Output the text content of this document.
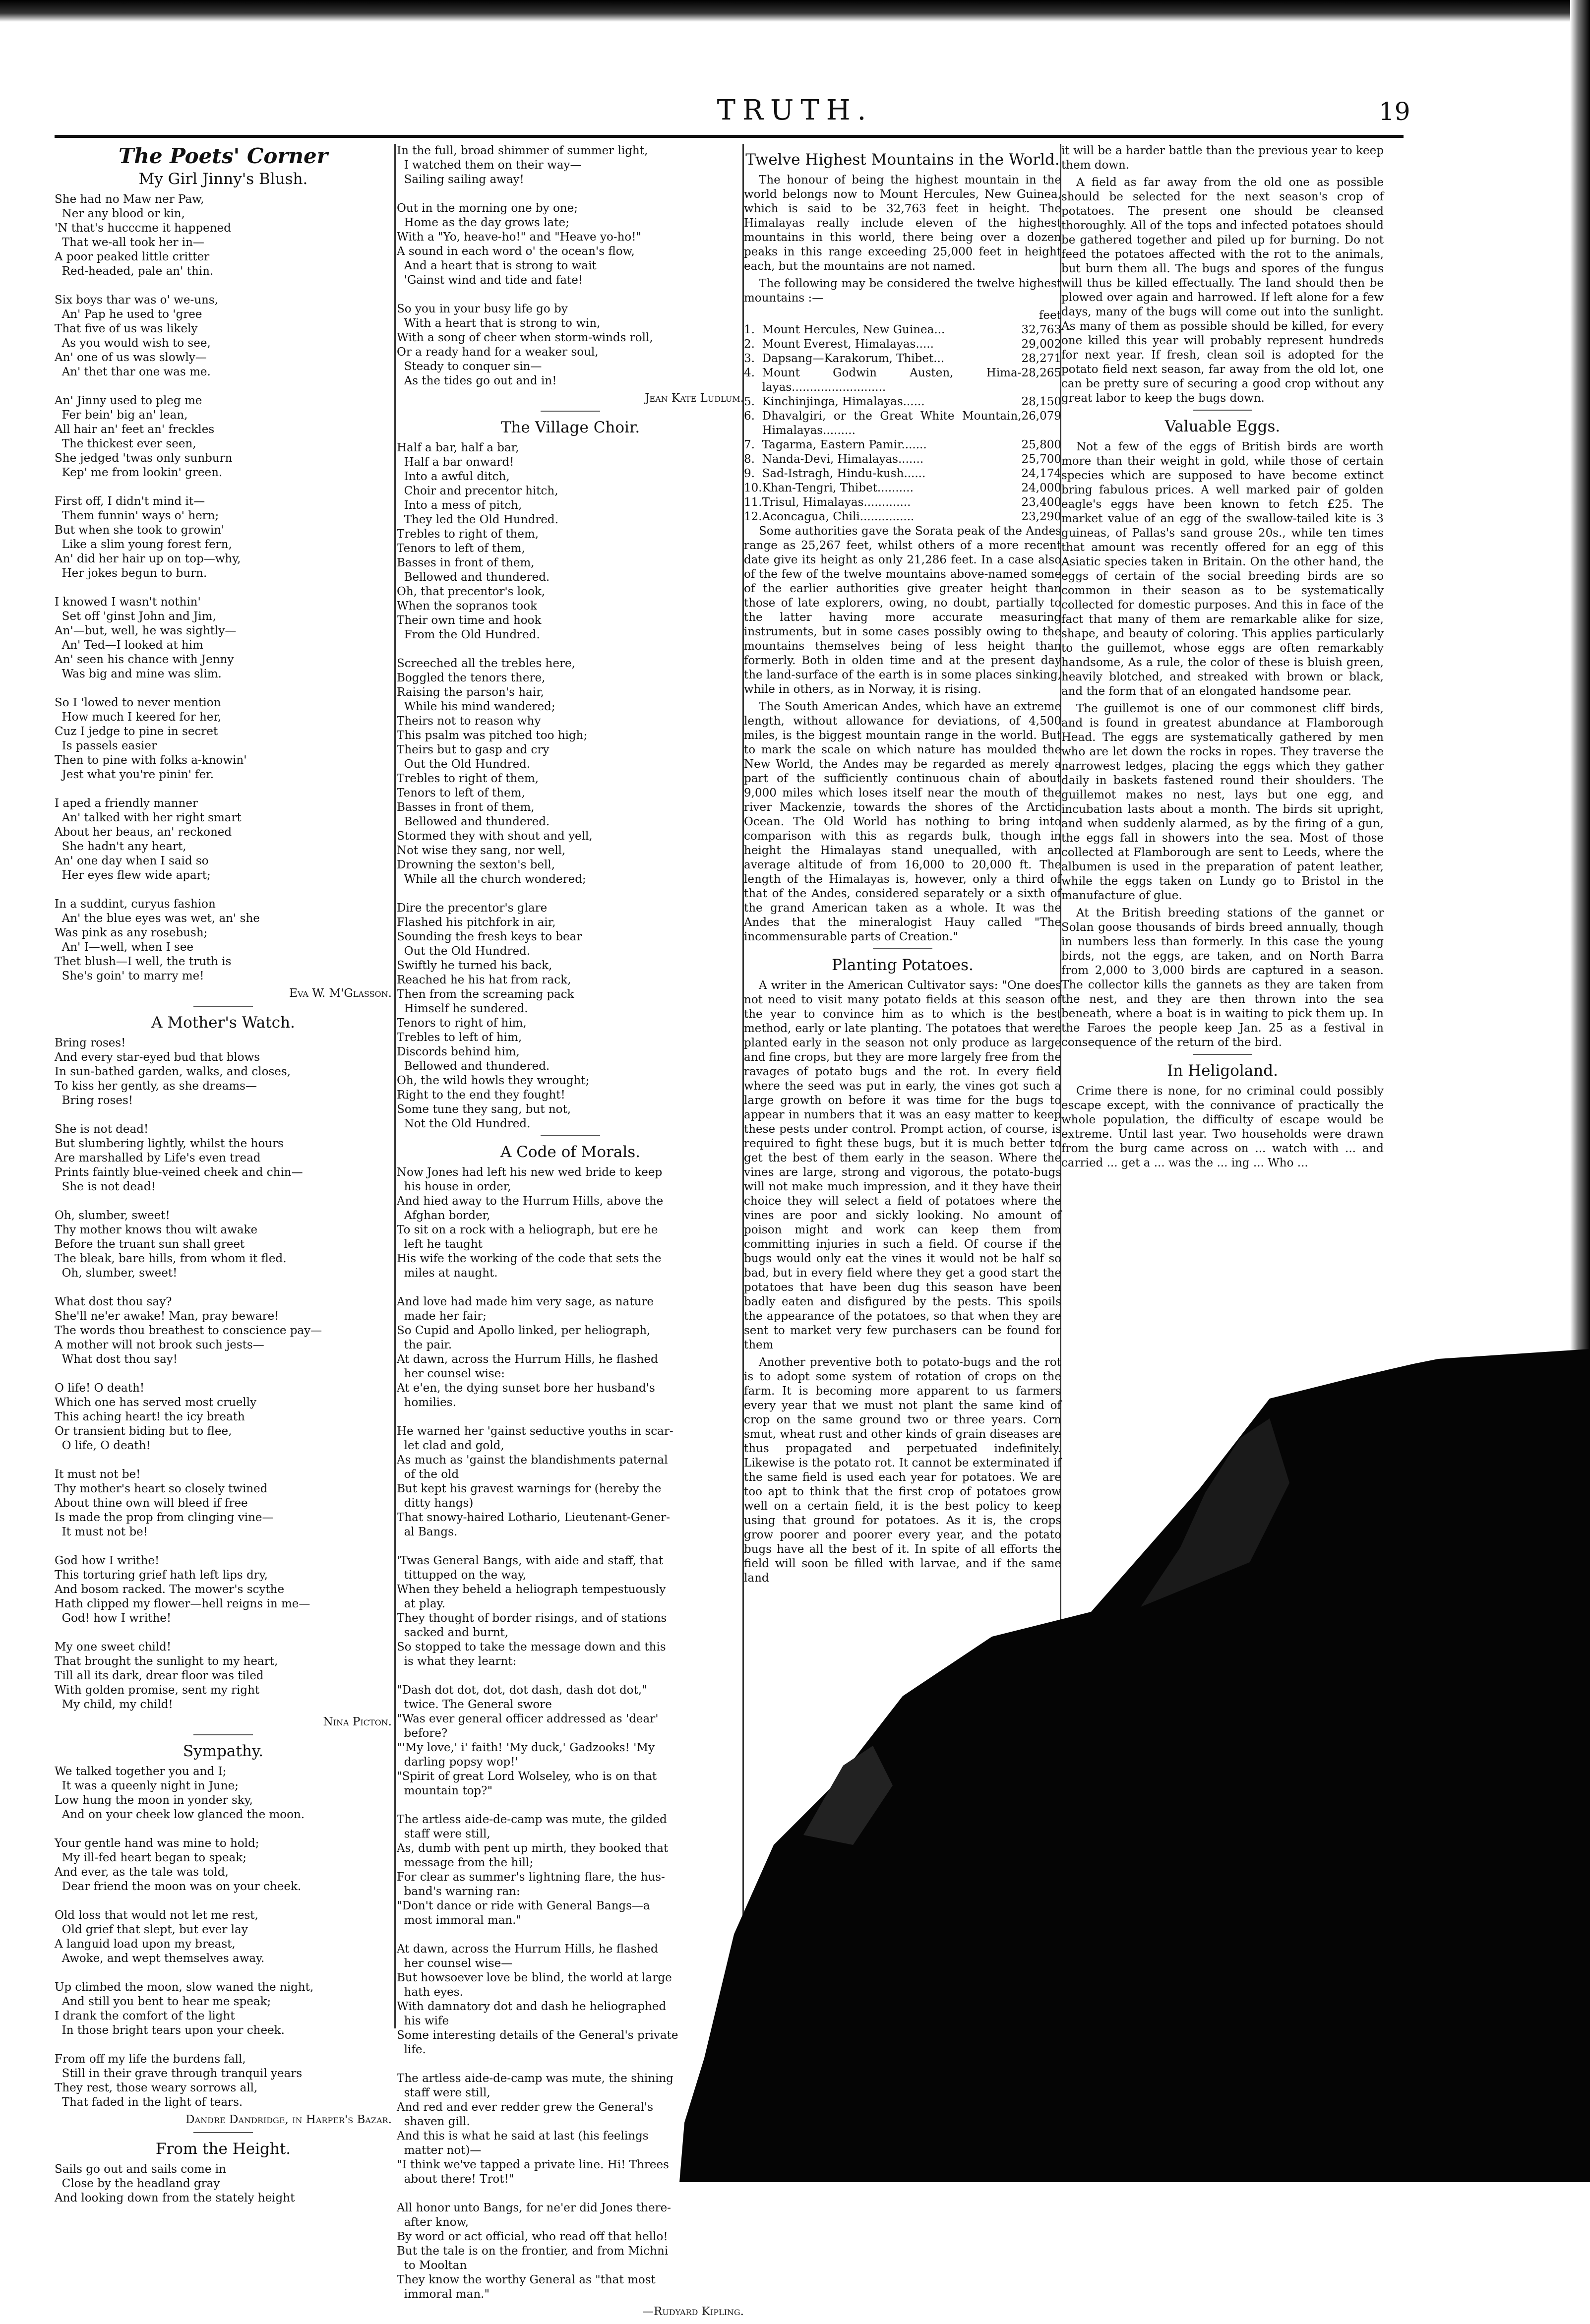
TRUTH.	19
The Poets' Corner
My Girl Jinny's Blush.
She had no Maw ner Paw,
Ner any blood or kin,
'N that's hucccme it happened
That we-all took her in—
A poor peaked little critter
Red-headed, pale an' thin.

Six boys thar was o' we-uns,
An' Pap he used to 'gree
That five of us was likely
As you would wish to see,
An' one of us was slowly—
An' thet thar one was me.

An' Jinny used to pleg me
Fer bein' big an' lean,
All hair an' feet an' freckles
The thickest ever seen,
She jedged 'twas only sunburn
Kep' me from lookin' green.

First off, I didn't mind it—
Them funnin' ways o' hern;
But when she took to growin'
Like a slim young forest fern,
An' did her hair up on top—why,
Her jokes begun to burn.

I knowed I wasn't nothin'
Set off 'ginst John and Jim,
An'—but, well, he was sightly—
An' Ted—I looked at him
An' seen his chance with Jenny
Was big and mine was slim.

So I 'lowed to never mention
How much I keered for her,
Cuz I jedge to pine in secret
Is passels easier
Then to pine with folks a-knowin'
Jest what you're pinin' fer.

I aped a friendly manner
An' talked with her right smart
About her beaus, an' reckoned
She hadn't any heart,
An' one day when I said so
Her eyes flew wide apart;

In a suddint, curyus fashion
An' the blue eyes was wet, an' she
Was pink as any rosebush;
An' I—well, when I see
Thet blush—I well, the truth is
She's goin' to marry me!
Eva W. M'Glasson.
A Mother's Watch.
Bring roses!
And every star-eyed bud that blows
In sun-bathed garden, walks, and closes,
To kiss her gently, as she dreams—
Bring roses!

She is not dead!
But slumbering lightly, whilst the hours
Are marshalled by Life's even tread
Prints faintly blue-veined cheek and chin—
She is not dead!

Oh, slumber, sweet!
Thy mother knows thou wilt awake
Before the truant sun shall greet
The bleak, bare hills, from whom it fled.
Oh, slumber, sweet!

What dost thou say?
She'll ne'er awake! Man, pray beware!
The words thou breathest to conscience pay—
A mother will not brook such jests—
What dost thou say!

O life! O death!
Which one has served most cruelly
This aching heart! the icy breath
Or transient biding but to flee,
O life, O death!

It must not be!
Thy mother's heart so closely twined
About thine own will bleed if free
Is made the prop from clinging vine—
It must not be!

God how I writhe!
This torturing grief hath left lips dry,
And bosom racked. The mower's scythe
Hath clipped my flower—hell reigns in me—
God! how I writhe!

My one sweet child!
That brought the sunlight to my heart,
Till all its dark, drear floor was tiled
With golden promise, sent my right
My child, my child!
Nina Picton.
Sympathy.
We talked together you and I;
It was a queenly night in June;
Low hung the moon in yonder sky,
And on your cheek low glanced the moon.

Your gentle hand was mine to hold;
My ill-fed heart began to speak;
And ever, as the tale was told,
Dear friend the moon was on your cheek.

Old loss that would not let me rest,
Old grief that slept, but ever lay
A languid load upon my breast,
Awoke, and wept themselves away.

Up climbed the moon, slow waned the night,
And still you bent to hear me speak;
I drank the comfort of the light
In those bright tears upon your cheek.

From off my life the burdens fall,
Still in their grave through tranquil years
They rest, those weary sorrows all,
That faded in the light of tears.
Dandre Dandridge, in Harper's Bazar.
From the Height.
Sails go out and sails come in
Close by the headland gray
And looking down from the stately height
In the full, broad shimmer of summer light,
I watched them on their way—
Sailing sailing away!

Out in the morning one by one;
Home as the day grows late;
With a "Yo, heave-ho!" and "Heave yo-ho!"
A sound in each word o' the ocean's flow,
And a heart that is strong to wait
'Gainst wind and tide and fate!

So you in your busy life go by
With a heart that is strong to win,
With a song of cheer when storm-winds roll,
Or a ready hand for a weaker soul,
Steady to conquer sin—
As the tides go out and in!
Jean Kate Ludlum.
The Village Choir.
Half a bar, half a bar,
Half a bar onward!
Into a awful ditch,
Choir and precentor hitch,
Into a mess of pitch,
They led the Old Hundred.
Trebles to right of them,
Tenors to left of them,
Basses in front of them,
Bellowed and thundered.
Oh, that precentor's look,
When the sopranos took
Their own time and hook
From the Old Hundred.

Screeched all the trebles here,
Boggled the tenors there,
Raising the parson's hair,
While his mind wandered;
Theirs not to reason why
This psalm was pitched too high;
Theirs but to gasp and cry
Out the Old Hundred.
Trebles to right of them,
Tenors to left of them,
Basses in front of them,
Bellowed and thundered.
Stormed they with shout and yell,
Not wise they sang, nor well,
Drowning the sexton's bell,
While all the church wondered;

Dire the precentor's glare
Flashed his pitchfork in air,
Sounding the fresh keys to bear
Out the Old Hundred.
Swiftly he turned his back,
Reached he his hat from rack,
Then from the screaming pack
Himself he sundered.
Tenors to right of him,
Trebles to left of him,
Discords behind him,
Bellowed and thundered.
Oh, the wild howls they wrought;
Right to the end they fought!
Some tune they sang, but not,
Not the Old Hundred.
A Code of Morals.
Now Jones had left his new wed bride to keep
his house in order,
And hied away to the Hurrum Hills, above the
Afghan border,
To sit on a rock with a heliograph, but ere he
left he taught
His wife the working of the code that sets the
miles at naught.

And love had made him very sage, as nature
made her fair;
So Cupid and Apollo linked, per heliograph,
the pair.
At dawn, across the Hurrum Hills, he flashed
her counsel wise:
At e'en, the dying sunset bore her husband's
homilies.

He warned her 'gainst seductive youths in scar-
let clad and gold,
As much as 'gainst the blandishments paternal
of the old
But kept his gravest warnings for (hereby the
ditty hangs)
That snowy-haired Lothario, Lieutenant-Gener-
al Bangs.

'Twas General Bangs, with aide and staff, that
tittupped on the way,
When they beheld a heliograph tempestuously
at play.
They thought of border risings, and of stations
sacked and burnt,
So stopped to take the message down and this
is what they learnt:

"Dash dot dot, dot, dot dash, dash dot dot,"
twice. The General swore
"Was ever general officer addressed as 'dear'
before?
"'My love,' i' faith! 'My duck,' Gadzooks! 'My
darling popsy wop!'
"Spirit of great Lord Wolseley, who is on that
mountain top?"

The artless aide-de-camp was mute, the gilded
staff were still,
As, dumb with pent up mirth, they booked that
message from the hill;
For clear as summer's lightning flare, the hus-
band's warning ran:
"Don't dance or ride with General Bangs—a
most immoral man."

At dawn, across the Hurrum Hills, he flashed
her counsel wise—
But howsoever love be blind, the world at large
hath eyes.
With damnatory dot and dash he heliographed
his wife
Some interesting details of the General's private
life.

The artless aide-de-camp was mute, the shining
staff were still,
And red and ever redder grew the General's
shaven gill.
And this is what he said at last (his feelings
matter not)—
"I think we've tapped a private line. Hi! Threes
about there! Trot!"

All honor unto Bangs, for ne'er did Jones there-
after know,
By word or act official, who read off that hello!
But the tale is on the frontier, and from Michni
to Mooltan
They know the worthy General as "that most
immoral man."
—Rudyard Kipling.
Twelve Highest Mountains in the World.

The honour of being the highest mountain in the world belongs now to Mount Hercules, New Guinea, which is said to be 32,763 feet in height. The Himalayas really include eleven of the highest mountains in this world, there being over a dozen peaks in this range exceeding 25,000 feet in height each, but the mountains are not named.

The following may be considered the twelve highest mountains :—

feet
1.	Mount Hercules, New Guinea...	32,763
2.	Mount Everest, Himalayas.....	29,002
3.	Dapsang—Karakorum, Thibet...	28,271
4.	Mount Godwin Austen, Hima-layas..........................	28,265
5.	Kinchinjinga, Himalayas......	28,150
6.	Dhavalgiri, or the Great White Mountain, Himalayas.........	26,079
7.	Tagarma, Eastern Pamir.......	25,800
8.	Nanda-Devi, Himalayas.......	25,700
9.	Sad-Istragh, Hindu-kush......	24,174
10.	Khan-Tengri, Thibet..........	24,000
11.	Trisul, Himalayas.............	23,400
12.	Aconcagua, Chili...............	23,290

Some authorities gave the Sorata peak of the Andes range as 25,267 feet, whilst others of a more recent date give its height as only 21,286 feet. In a case also of the few of the twelve mountains above-named some of the earlier authorities give greater height than those of late explorers, owing, no doubt, partially to the latter having more accurate measuring instruments, but in some cases possibly owing to the mountains themselves being of less height than formerly. Both in olden time and at the present day the land-surface of the earth is in some places sinking, while in others, as in Norway, it is rising.

The South American Andes, which have an extreme length, without allowance for deviations, of 4,500 miles, is the biggest mountain range in the world. But to mark the scale on which nature has moulded the New World, the Andes may be regarded as merely a part of the sufficiently continuous chain of about 9,000 miles which loses itself near the mouth of the river Mackenzie, towards the shores of the Arctic Ocean. The Old World has nothing to bring into comparison with this as regards bulk, though in height the Himalayas stand unequalled, with an average altitude of from 16,000 to 20,000 ft. The length of the Himalayas is, however, only a third of that of the Andes, considered separately or a sixth of the grand American taken as a whole. It was the Andes that the mineralogist Hauy called "The incommensurable parts of Creation."

Planting Potatoes.

A writer in the American Cultivator says: "One does not need to visit many potato fields at this season of the year to convince him as to which is the best method, early or late planting. The potatoes that were planted early in the season not only produce as large and fine crops, but they are more largely free from the ravages of potato bugs and the rot. In every field where the seed was put in early, the vines got such a large growth on before it was time for the bugs to appear in numbers that it was an easy matter to keep these pests under control. Prompt action, of course, is required to fight these bugs, but it is much better to get the best of them early in the season. Where the vines are large, strong and vigorous, the potato-bugs will not make much impression, and it they have their choice they will select a field of potatoes where the vines are poor and sickly looking. No amount of poison might and work can keep them from committing injuries in such a field. Of course if the bugs would only eat the vines it would not be half so bad, but in every field where they get a good start the potatoes that have been dug this season have been badly eaten and disfigured by the pests. This spoils the appearance of the potatoes, so that when they are sent to market very few purchasers can be found for them

Another preventive both to potato-bugs and the rot is to adopt some system of rotation of crops on the farm. It is becoming more apparent to us farmers every year that we must not plant the same kind of crop on the same ground two or three years. Corn smut, wheat rust and other kinds of grain diseases are thus propagated and perpetuated indefinitely. Likewise is the potato rot. It cannot be exterminated if the same field is used each year for potatoes. We are too apt to think that the first crop of potatoes grow well on a certain field, it is the best policy to keep using that ground for potatoes. As it is, the crops grow poorer and poorer every year, and the potato bugs have all the best of it. In spite of all efforts the field will soon be filled with larvae, and if the same land

it will be a harder battle than the previous year to keep them down.

A field as far away from the old one as possible should be selected for the next season's crop of potatoes. The present one should be cleansed thoroughly. All of the tops and infected potatoes should be gathered together and piled up for burning. Do not feed the potatoes affected with the rot to the animals, but burn them all. The bugs and spores of the fungus will thus be killed effectually. The land should then be plowed over again and harrowed. If left alone for a few days, many of the bugs will come out into the sunlight. As many of them as possible should be killed, for every one killed this year will probably represent hundreds for next year. If fresh, clean soil is adopted for the potato field next season, far away from the old lot, one can be pretty sure of securing a good crop without any great labor to keep the bugs down.

Valuable Eggs.

Not a few of the eggs of British birds are worth more than their weight in gold, while those of certain species which are supposed to have become extinct bring fabulous prices. A well marked pair of golden eagle's eggs have been known to fetch £25. The market value of an egg of the swallow-tailed kite is 3 guineas, of Pallas's sand grouse 20s., while ten times that amount was recently offered for an egg of this Asiatic species taken in Britain. On the other hand, the eggs of certain of the social breeding birds are so common in their season as to be systematically collected for domestic purposes. And this in face of the fact that many of them are remarkable alike for size, shape, and beauty of coloring. This applies particularly to the guillemot, whose eggs are often remarkably handsome, As a rule, the color of these is bluish green, heavily blotched, and streaked with brown or black, and the form that of an elongated handsome pear.

The guillemot is one of our commonest cliff birds, and is found in greatest abundance at Flamborough Head. The eggs are systematically gathered by men who are let down the rocks in ropes. They traverse the narrowest ledges, placing the eggs which they gather daily in baskets fastened round their shoulders. The guillemot makes no nest, lays but one egg, and incubation lasts about a month. The birds sit upright, and when suddenly alarmed, as by the firing of a gun, the eggs fall in showers into the sea. Most of those collected at Flamborough are sent to Leeds, where the albumen is used in the preparation of patent leather, while the eggs taken on Lundy go to Bristol in the manufacture of glue.

At the British breeding stations of the gannet or Solan goose thousands of birds breed annually, though in numbers less than formerly. In this case the young birds, not the eggs, are taken, and on North Barra from 2,000 to 3,000 birds are captured in a season. The collector kills the gannets as they are taken from the nest, and they are then thrown into the sea beneath, where a boat is in waiting to pick them up. In the Faroes the people keep Jan. 25 as a festival in consequence of the return of the bird.

In Heligoland.

Crime there is none, for no criminal could possibly escape except, with the connivance of practically the whole population, the difficulty of escape would be extreme. Until last year. Two households were drawn from the burg came across on ... watch with ... and carried ... get a ... was the ... ing ... Who ...
